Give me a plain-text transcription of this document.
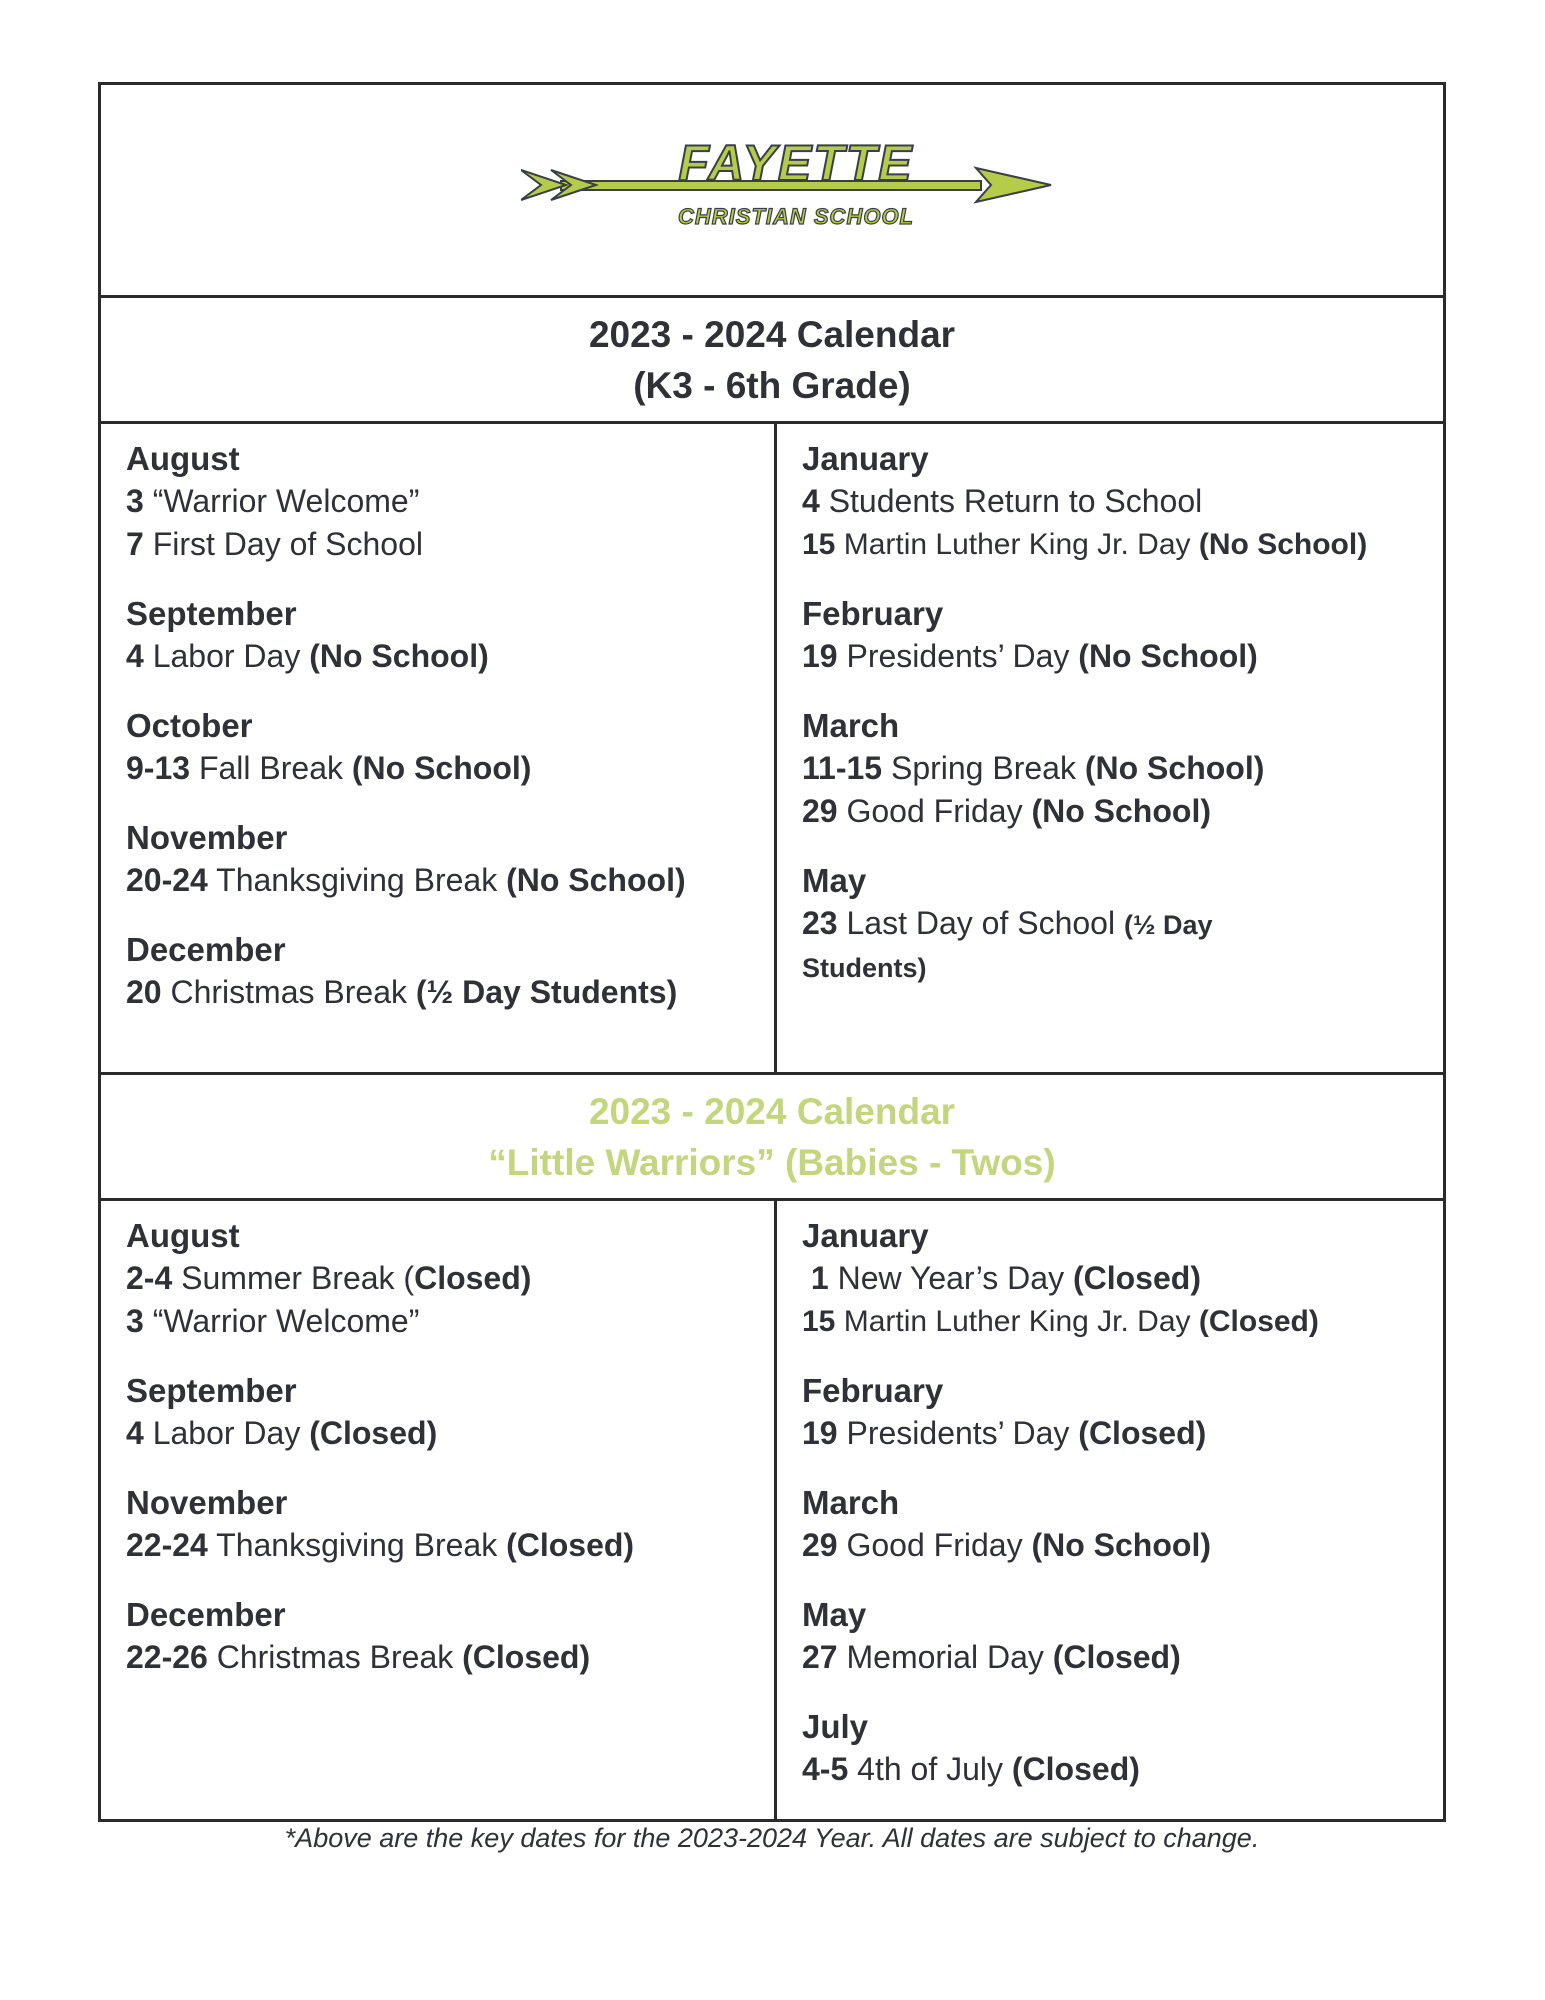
FAYETTE
CHRISTIAN SCHOOL
2023 - 2024 Calendar
(K3 - 6th Grade)
August
3 “Warrior Welcome”
7 First Day of School
September
4 Labor Day (No School)
October
9-13 Fall Break (No School)
November
20-24 Thanksgiving Break (No School)
December
20 Christmas Break (½ Day Students)
January
4 Students Return to School
15 Martin Luther King Jr. Day (No School)
February
19 Presidents’ Day (No School)
March
11-15 Spring Break (No School)
29 Good Friday (No School)
May
23 Last Day of School (½ Day Students)
2023 - 2024 Calendar
“Little Warriors” (Babies - Twos)
August
2-4 Summer Break (Closed)
3 “Warrior Welcome”
September
4 Labor Day (Closed)
November
22-24 Thanksgiving Break (Closed)
December
22-26 Christmas Break (Closed)
January
1 New Year’s Day (Closed)
15 Martin Luther King Jr. Day (Closed)
February
19 Presidents’ Day (Closed)
March
29 Good Friday (No School)
May
27 Memorial Day (Closed)
July
4-5 4th of July (Closed)
*Above are the key dates for the 2023-2024 Year. All dates are subject to change.
